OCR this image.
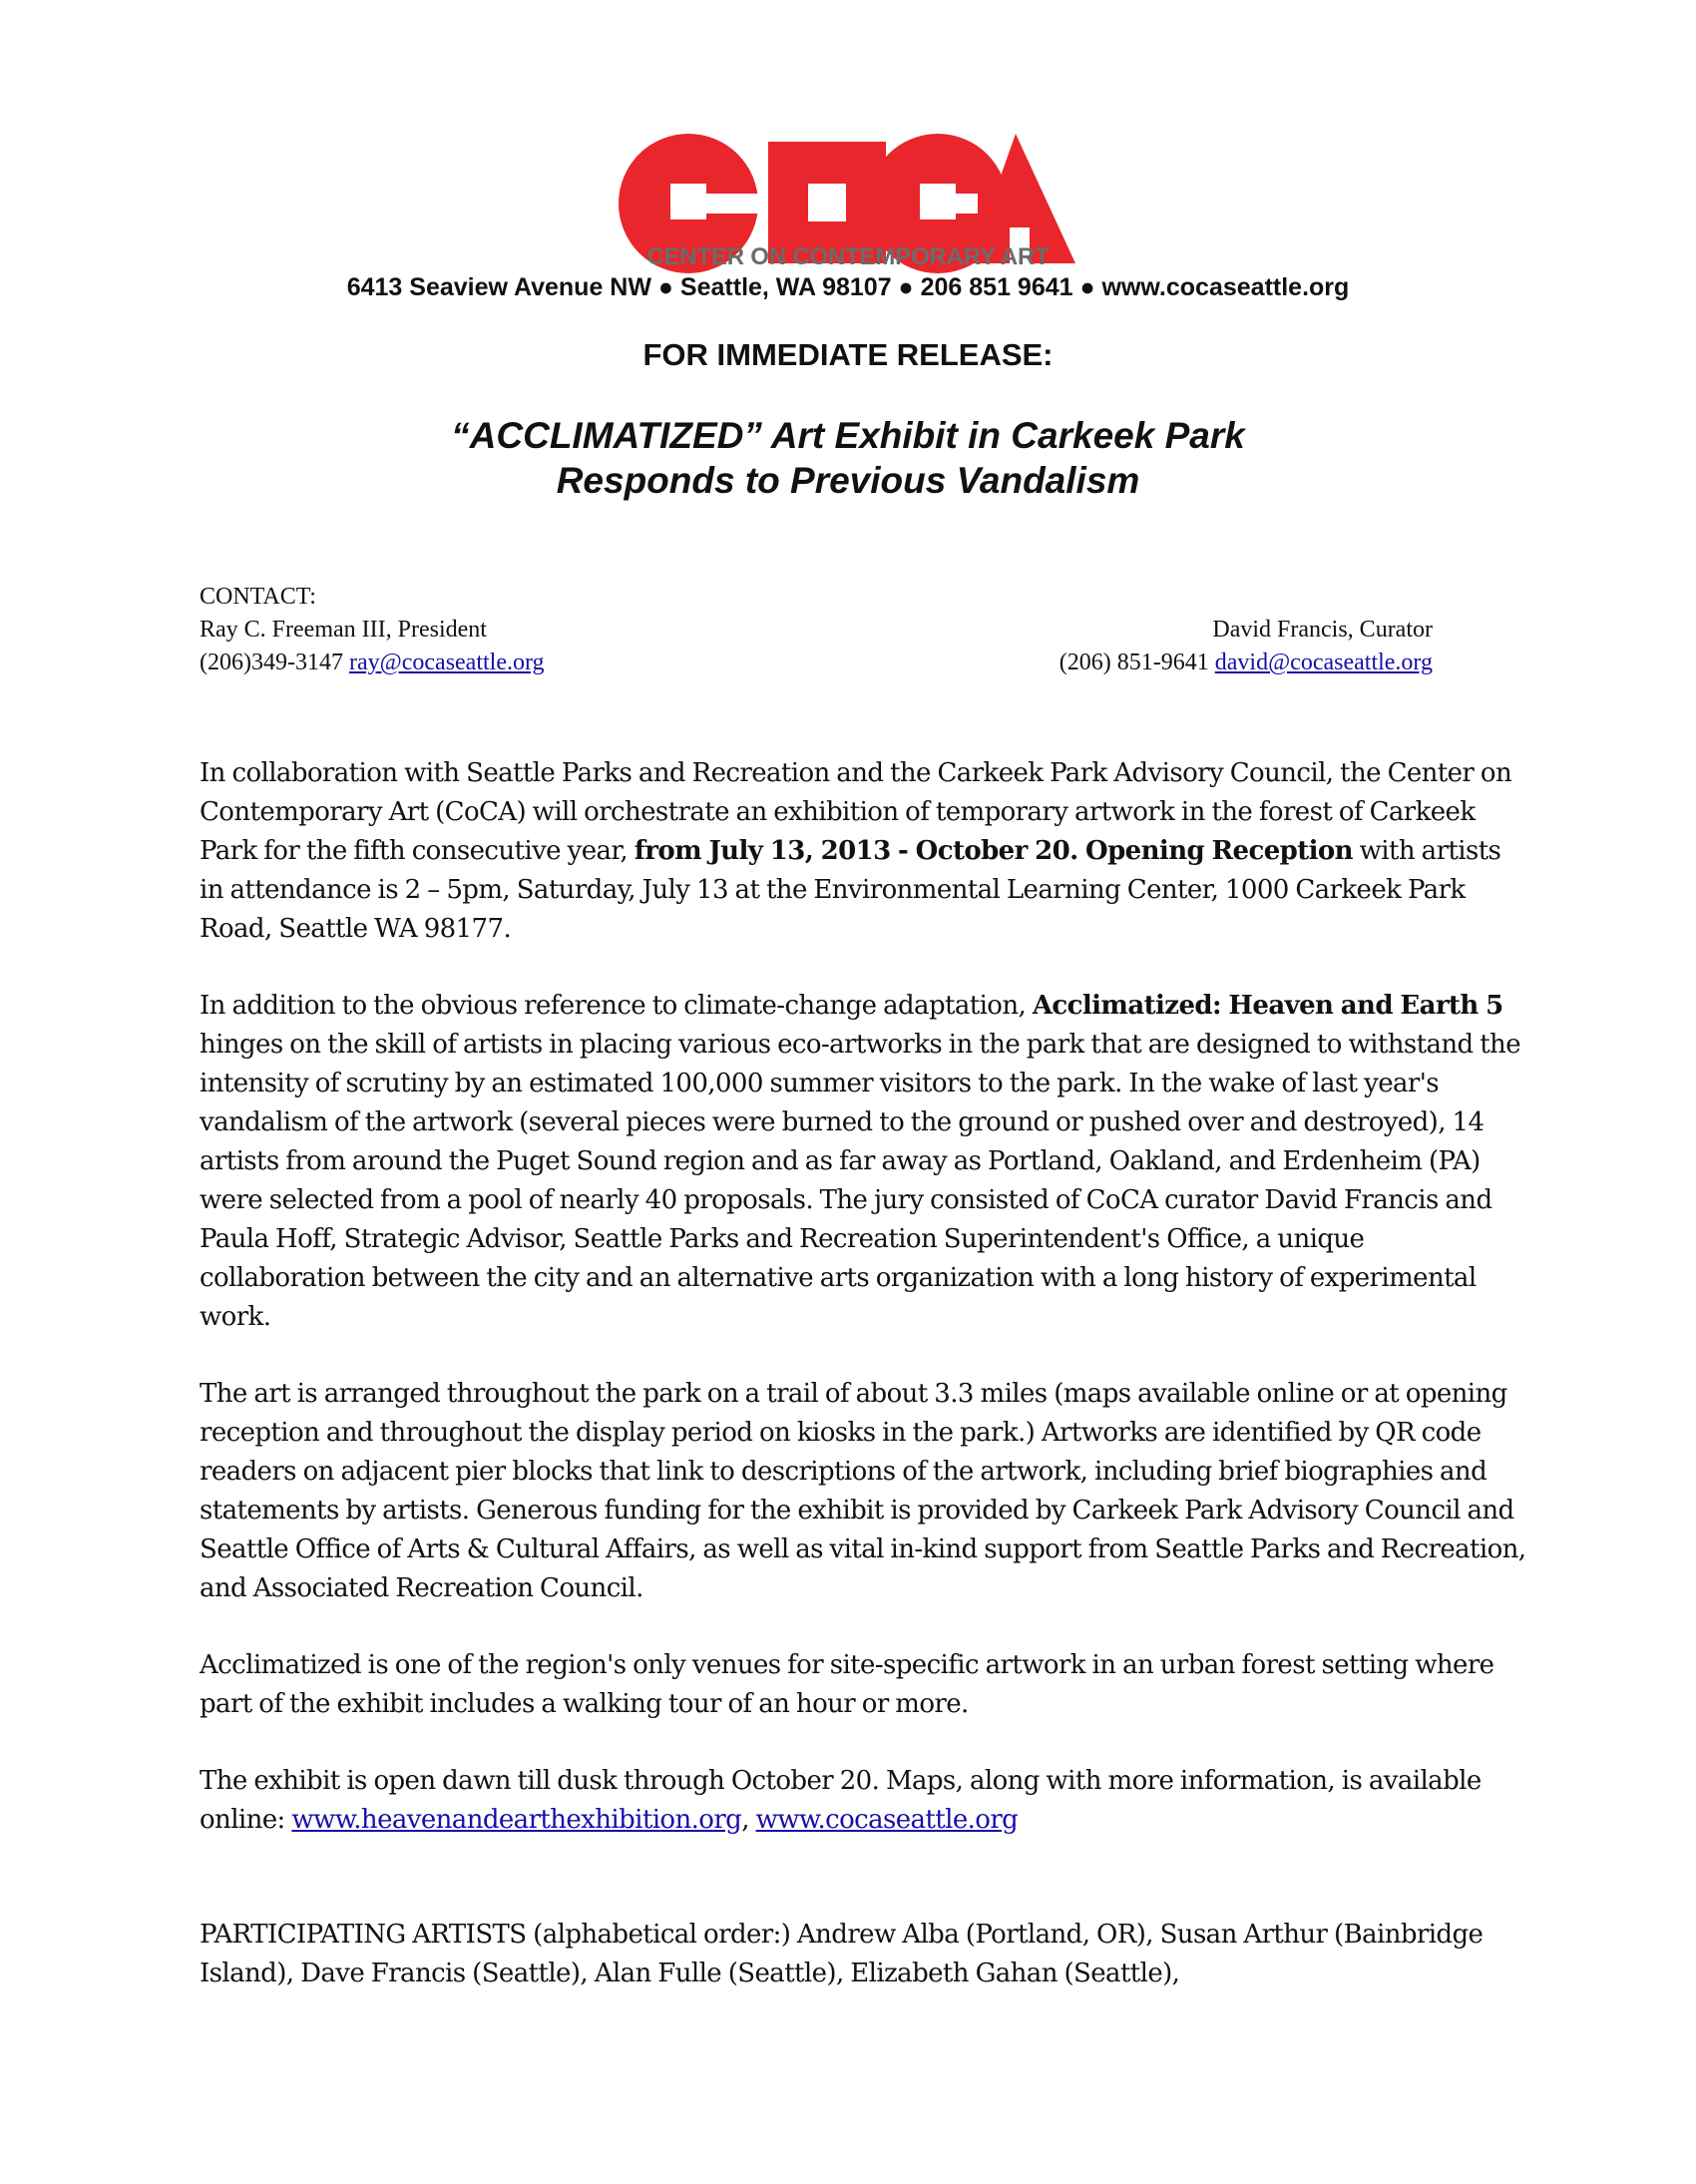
CENTER ON CONTEMPORARY ART
6413 Seaview Avenue NW ● Seattle, WA 98107 ● 206 851 9641 ● www.cocaseattle.org
FOR IMMEDIATE RELEASE:
“ACCLIMATIZED” Art Exhibit in Carkeek Park
Responds to Previous Vandalism
CONTACT:
Ray C. Freeman III, President
(206)349-3147 ray@cocaseattle.org
David Francis, Curator
(206) 851-9641 david@cocaseattle.org

In collaboration with Seattle Parks and Recreation and the Carkeek Park Advisory Council, the Center on Contemporary Art (CoCA) will orchestrate an exhibition of temporary artwork in the forest of Carkeek Park for the fifth consecutive year, from July 13, 2013 - October 20. Opening Reception with artists in attendance is 2 – 5pm, Saturday, July 13 at the Environmental Learning Center, 1000 Carkeek Park Road, Seattle WA 98177.

In addition to the obvious reference to climate-change adaptation, Acclimatized: Heaven and Earth 5 hinges on the skill of artists in placing various eco-artworks in the park that are designed to withstand the intensity of scrutiny by an estimated 100,000 summer visitors to the park. In the wake of last year's vandalism of the artwork (several pieces were burned to the ground or pushed over and destroyed), 14 artists from around the Puget Sound region and as far away as Portland, Oakland, and Erdenheim (PA) were selected from a pool of nearly 40 proposals. The jury consisted of CoCA curator David Francis and Paula Hoff, Strategic Advisor, Seattle Parks and Recreation Superintendent's Office, a unique collaboration between the city and an alternative arts organization with a long history of experimental work.

The art is arranged throughout the park on a trail of about 3.3 miles (maps available online or at opening reception and throughout the display period on kiosks in the park.) Artworks are identified by QR code readers on adjacent pier blocks that link to descriptions of the artwork, including brief biographies and statements by artists. Generous funding for the exhibit is provided by Carkeek Park Advisory Council and Seattle Office of Arts & Cultural Affairs, as well as vital in-kind support from Seattle Parks and Recreation, and Associated Recreation Council.

Acclimatized is one of the region's only venues for site-specific artwork in an urban forest setting where part of the exhibit includes a walking tour of an hour or more.

The exhibit is open dawn till dusk through October 20. Maps, along with more information, is available online: www.heavenandearthexhibition.org, www.cocaseattle.org

PARTICIPATING ARTISTS (alphabetical order:) Andrew Alba (Portland, OR), Susan Arthur (Bainbridge Island), Dave Francis (Seattle), Alan Fulle (Seattle), Elizabeth Gahan (Seattle),
